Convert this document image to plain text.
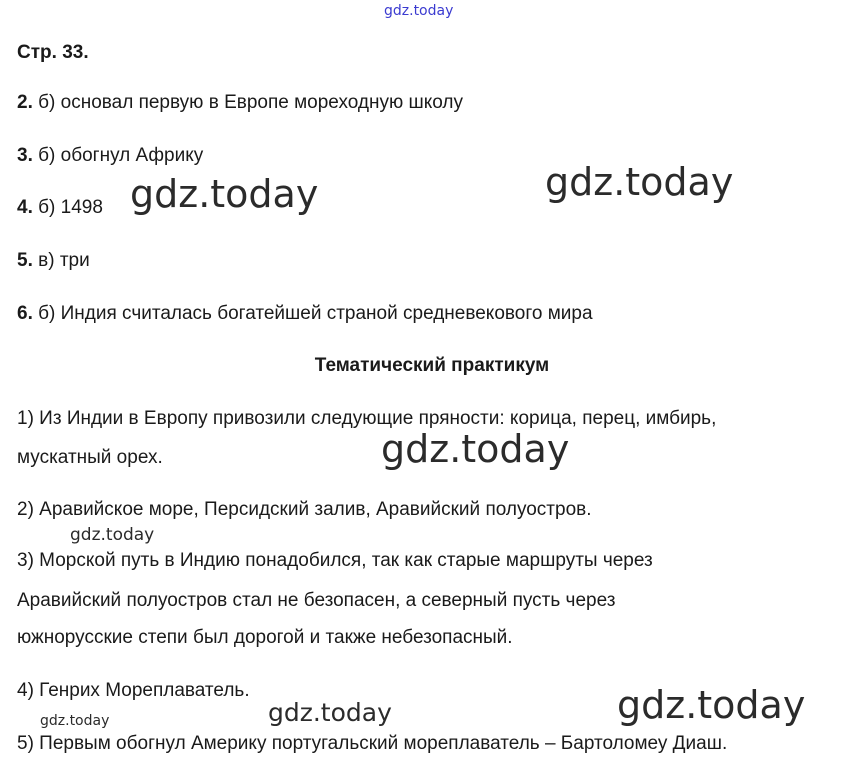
gdz.today
Стр. 33.
2. б) основал первую в Европе мореходную школу
3. б) обогнул Африку
4. б) 1498
5. в) три
6. б) Индия считалась богатейшей страной средневекового мира
Тематический практикум
1) Из Индии в Европу привозили следующие пряности: корица, перец, имбирь,
мускатный орех.
2) Аравийское море, Персидский залив, Аравийский полуостров.
3) Морской путь в Индию понадобился, так как старые маршруты через
Аравийский полуостров стал не безопасен, а северный пусть через
южнорусские степи был дорогой и также небезопасный.
4) Генрих Мореплаватель.
5) Первым обогнул Америку португальский мореплаватель – Бартоломеу Диаш.
gdz.today	gdz.today
gdz.today
gdz.today
gdz.today
gdz.today
gdz.today
